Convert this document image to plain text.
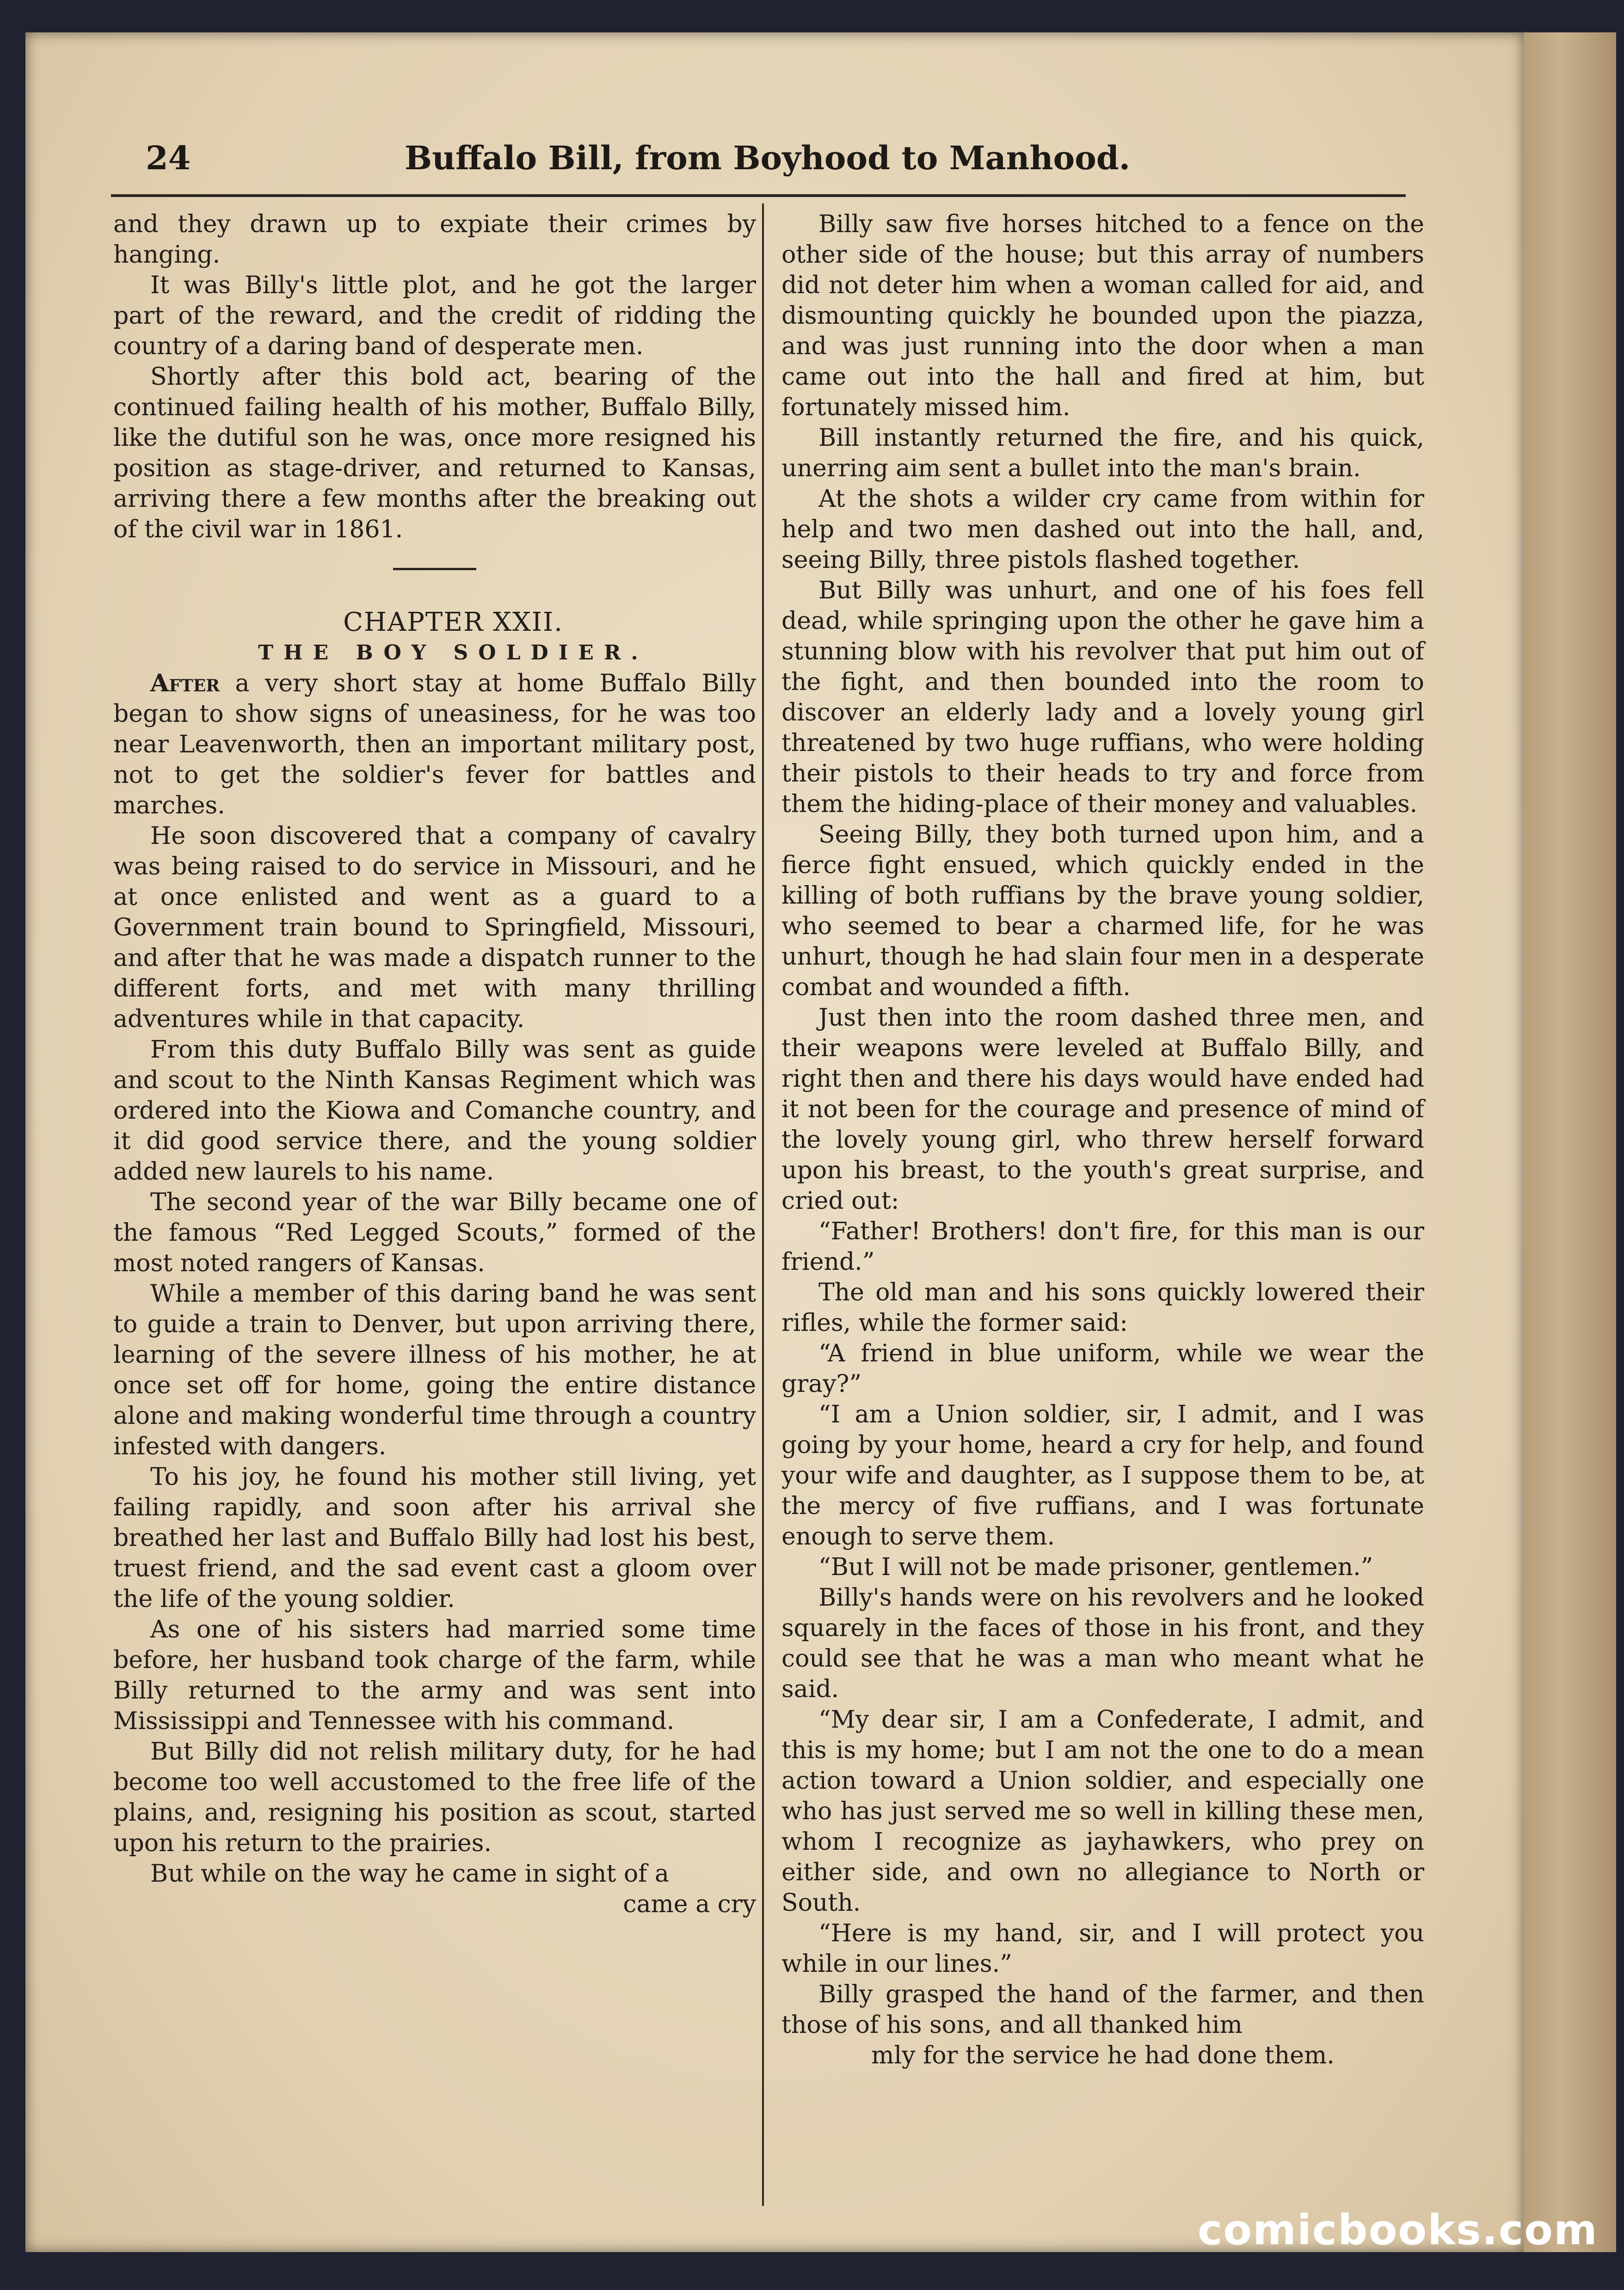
24	Buffalo Bill, from Boyhood to Manhood.

and they drawn up to expiate their crimes by hanging.

It was Billy's little plot, and he got the larger part of the reward, and the credit of ridding the country of a daring band of desperate men.

Shortly after this bold act, bearing of the continued failing health of his mother, Buffalo Billy, like the dutiful son he was, once more resigned his position as stage-driver, and returned to Kansas, arriving there a few months after the breaking out of the civil war in 1861.

CHAPTER XXII.

THE BOY SOLDIER.

After a very short stay at home Buffalo Billy began to show signs of uneasiness, for he was too near Leavenworth, then an important military post, not to get the soldier's fever for battles and marches.

He soon discovered that a company of cavalry was being raised to do service in Missouri, and he at once enlisted and went as a guard to a Government train bound to Springfield, Missouri, and after that he was made a dispatch runner to the different forts, and met with many thrilling adventures while in that capacity.

From this duty Buffalo Billy was sent as guide and scout to the Ninth Kansas Regiment which was ordered into the Kiowa and Comanche country, and it did good service there, and the young soldier added new laurels to his name.

The second year of the war Billy became one of the famous “Red Legged Scouts,” formed of the most noted rangers of Kansas.

While a member of this daring band he was sent to guide a train to Denver, but upon arriving there, learning of the severe illness of his mother, he at once set off for home, going the entire distance alone and making wonderful time through a country infested with dangers.

To his joy, he found his mother still living, yet failing rapidly, and soon after his arrival she breathed her last and Buffalo Billy had lost his best, truest friend, and the sad event cast a gloom over the life of the young soldier.

As one of his sisters had married some time before, her husband took charge of the farm, while Billy returned to the army and was sent into Mississippi and Tennessee with his command.

But Billy did not relish military duty, for he had become too well accustomed to the free life of the plains, and, resigning his position as scout, started upon his return to the prairies.

But while on the way he came in sight of a

came a cry

Billy saw five horses hitched to a fence on the other side of the house; but this array of numbers did not deter him when a woman called for aid, and dismounting quickly he bounded upon the piazza, and was just running into the door when a man came out into the hall and fired at him, but fortunately missed him.

Bill instantly returned the fire, and his quick, unerring aim sent a bullet into the man's brain.

At the shots a wilder cry came from within for help and two men dashed out into the hall, and, seeing Billy, three pistols flashed together.

But Billy was unhurt, and one of his foes fell dead, while springing upon the other he gave him a stunning blow with his revolver that put him out of the fight, and then bounded into the room to discover an elderly lady and a lovely young girl threatened by two huge ruffians, who were holding their pistols to their heads to try and force from them the hiding-place of their money and valuables.

Seeing Billy, they both turned upon him, and a fierce fight ensued, which quickly ended in the killing of both ruffians by the brave young soldier, who seemed to bear a charmed life, for he was unhurt, though he had slain four men in a desperate combat and wounded a fifth.

Just then into the room dashed three men, and their weapons were leveled at Buffalo Billy, and right then and there his days would have ended had it not been for the courage and presence of mind of the lovely young girl, who threw herself forward upon his breast, to the youth's great surprise, and cried out:

“Father! Brothers! don't fire, for this man is our friend.”

The old man and his sons quickly lowered their rifles, while the former said:

“A friend in blue uniform, while we wear the gray?”

“I am a Union soldier, sir, I admit, and I was going by your home, heard a cry for help, and found your wife and daughter, as I suppose them to be, at the mercy of five ruffians, and I was fortunate enough to serve them.

“But I will not be made prisoner, gentlemen.”

Billy's hands were on his revolvers and he looked squarely in the faces of those in his front, and they could see that he was a man who meant what he said.

“My dear sir, I am a Confederate, I admit, and this is my home; but I am not the one to do a mean action toward a Union soldier, and especially one who has just served me so well in killing these men, whom I recognize as jayhawkers, who prey on either side, and own no allegiance to North or South.

“Here is my hand, sir, and I will protect you while in our lines.”

Billy grasped the hand of the farmer, and then those of his sons, and all thanked him

mly for the service he had done them.

comicbooks.com
